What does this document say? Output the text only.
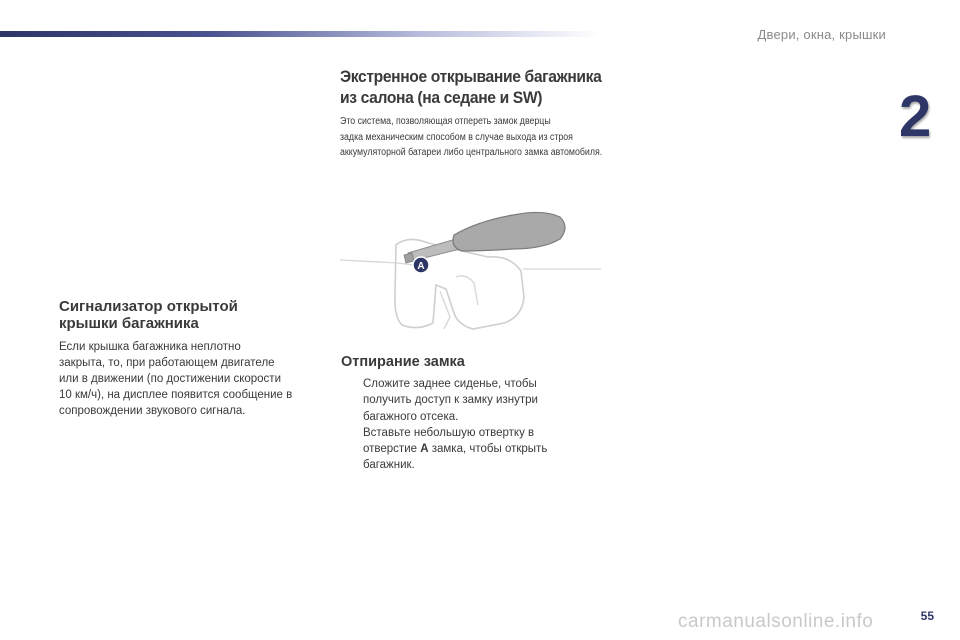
Двери, окна, крышки
2
Экстренное открывание багажника
из салона (на седане и SW)
Это система, позволяющая отпереть замок дверцы
задка механическим способом в случае выхода из строя
аккумуляторной батареи либо центрального замка автомобиля.
A
Сигнализатор открытой
крышки багажника
Если крышка багажника неплотно
закрыта, то, при работающем двигателе
или в движении (по достижении скорости
10 км/ч), на дисплее появится сообщение в
сопровождении звукового сигнала.
Отпирание замка
Сложите заднее сиденье, чтобы
получить доступ к замку изнутри
багажного отсека.
Вставьте небольшую отвертку в
отверстие A замка, чтобы открыть
багажник.
carmanualsonline.info	55
